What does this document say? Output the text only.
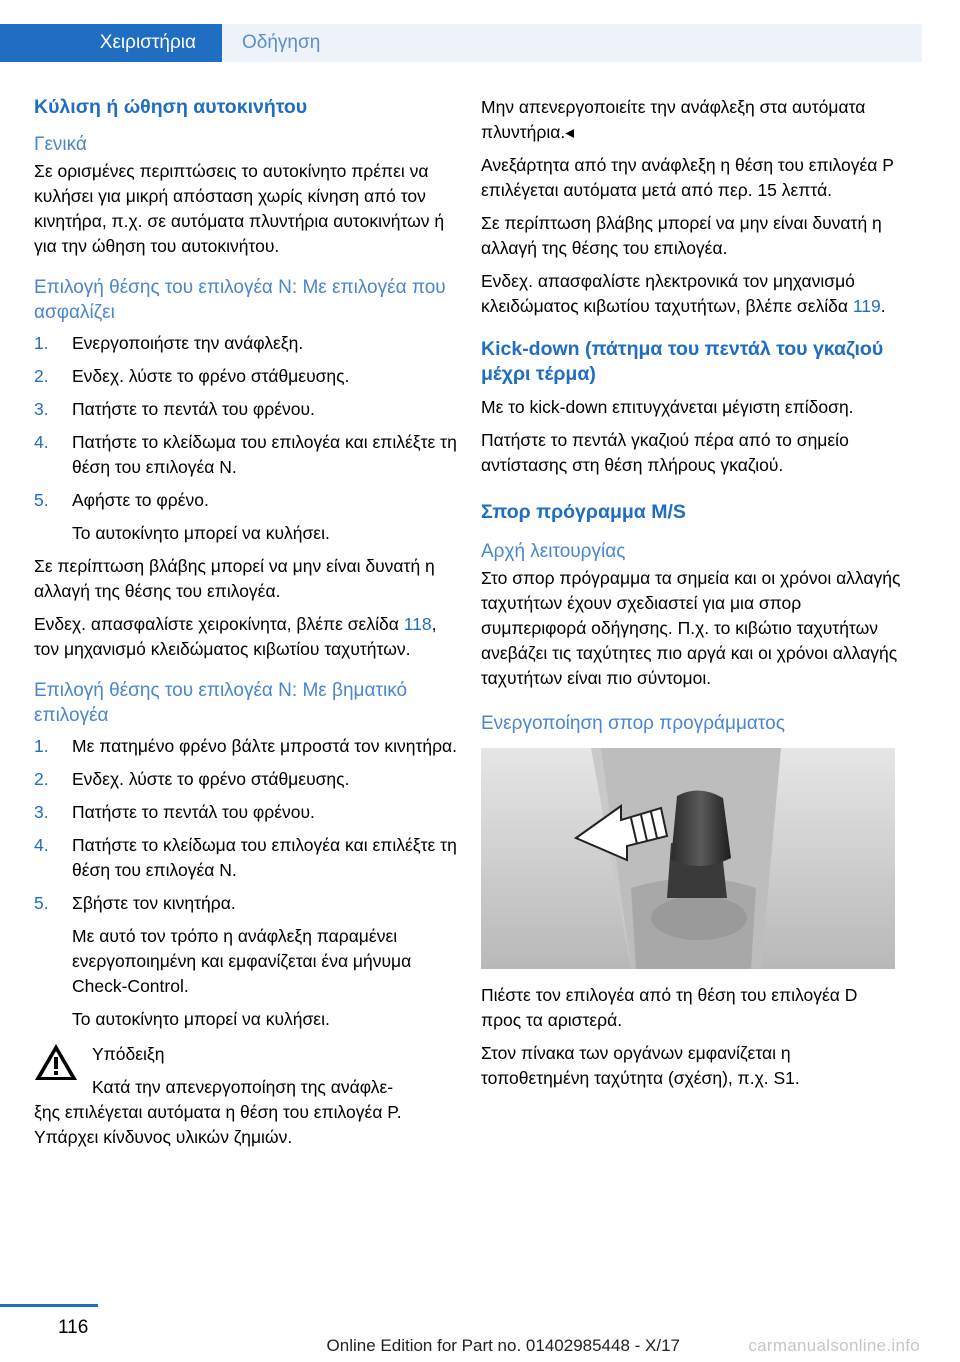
Χειριστήρια	Οδήγηση
Κύλιση ή ώθηση αυτοκινήτου
Γενικά

Σε ορισμένες περιπτώσεις το αυτοκίνητο πρέπει να κυλήσει για μικρή απόσταση χωρίς κίνηση από τον κινητήρα, π.χ. σε αυτόματα πλυντήρια αυτοκινήτων ή για την ώθηση του αυτοκινήτου.

Επιλογή θέσης του επιλογέα N: Με επιλογέα που ασφαλίζει
1. Ενεργοποιήστε την ανάφλεξη.
2. Ενδεχ. λύστε το φρένο στάθμευσης.
3. Πατήστε το πεντάλ του φρένου.
4. Πατήστε το κλείδωμα του επιλογέα και επιλέξτε τη θέση του επιλογέα N.
5. Αφήστε το φρένο.
Το αυτοκίνητο μπορεί να κυλήσει.

Σε περίπτωση βλάβης μπορεί να μην είναι δυνατή η αλλαγή της θέσης του επιλογέα.

Ενδεχ. απασφαλίστε χειροκίνητα, βλέπε σελίδα 118, τον μηχανισμό κλειδώματος κιβωτίου ταχυτήτων.

Επιλογή θέσης του επιλογέα N: Με βηματικό επιλογέα
1. Με πατημένο φρένο βάλτε μπροστά τον κινητήρα.
2. Ενδεχ. λύστε το φρένο στάθμευσης.
3. Πατήστε το πεντάλ του φρένου.
4. Πατήστε το κλείδωμα του επιλογέα και επιλέξτε τη θέση του επιλογέα N.
5. Σβήστε τον κινητήρα.
Με αυτό τον τρόπο η ανάφλεξη παραμένει ενεργοποιημένη και εμφανίζεται ένα μήνυμα Check-Control.
Το αυτοκίνητο μπορεί να κυλήσει.
Υπόδειξη
Κατά την απενεργοποίηση της ανάφλε-
ξης επιλέγεται αυτόματα η θέση του επιλογέα P. Υπάρχει κίνδυνος υλικών ζημιών.

Μην απενεργοποιείτε την ανάφλεξη στα αυτόματα πλυντήρια.◂

Ανεξάρτητα από την ανάφλεξη η θέση του επιλογέα P επιλέγεται αυτόματα μετά από περ. 15 λεπτά.

Σε περίπτωση βλάβης μπορεί να μην είναι δυνατή η αλλαγή της θέσης του επιλογέα.

Ενδεχ. απασφαλίστε ηλεκτρονικά τον μηχανισμό κλειδώματος κιβωτίου ταχυτήτων, βλέπε σελίδα 119.

Kick-down (πάτημα του πεντάλ του γκαζιού μέχρι τέρμα)

Με το kick-down επιτυγχάνεται μέγιστη επίδοση.

Πατήστε το πεντάλ γκαζιού πέρα από το σημείο αντίστασης στη θέση πλήρους γκαζιού.

Σπορ πρόγραμμα M/S
Αρχή λειτουργίας

Στο σπορ πρόγραμμα τα σημεία και οι χρόνοι αλλαγής ταχυτήτων έχουν σχεδιαστεί για μια σπορ συμπεριφορά οδήγησης. Π.χ. το κιβώτιο ταχυτήτων ανεβάζει τις ταχύτητες πιο αργά και οι χρόνοι αλλαγής ταχυτήτων είναι πιο σύντομοι.

Ενεργοποίηση σπορ προγράμματος

Πιέστε τον επιλογέα από τη θέση του επιλογέα D προς τα αριστερά.

Στον πίνακα των οργάνων εμφανίζεται η τοποθετημένη ταχύτητα (σχέση), π.χ. S1.

116
carmanualsonline.info
Online Edition for Part no. 01402985448 - X/17
